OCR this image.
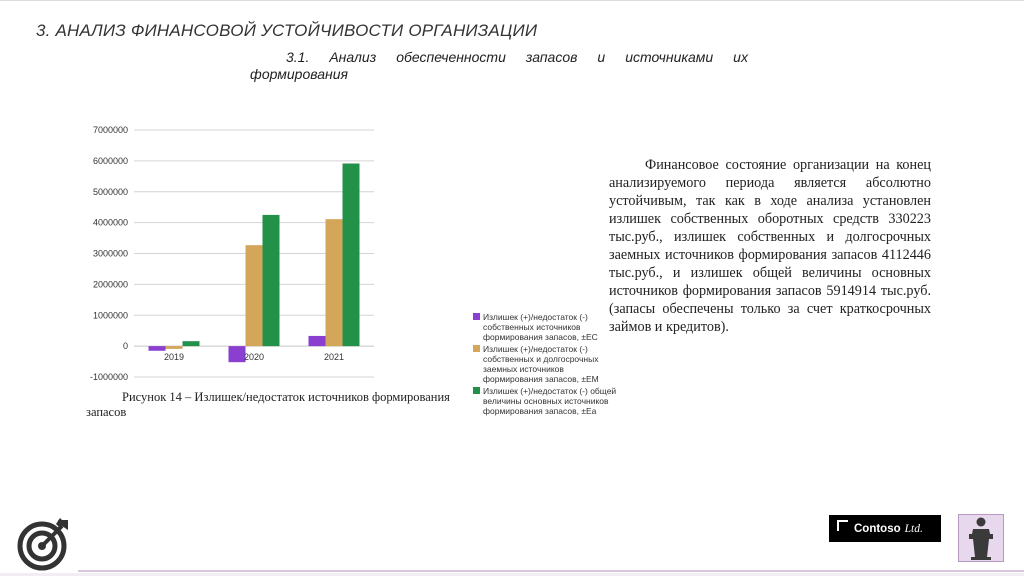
3. АНАЛИЗ ФИНАНСОВОЙ УСТОЙЧИВОСТИ ОРГАНИЗАЦИИ
3.1. Анализ обеспеченности запасов и источниками их
формирования
7000000
6000000
5000000
4000000
3000000
2000000
1000000
0
-1000000
2019	2020	2021
Излишек (+)/недостаток (-) собственных источников формирования запасов, ±ЕС
Излишек (+)/недостаток (-) собственных и долгосрочных заемных источников формирования запасов, ±ЕМ
Излишек (+)/недостаток (-) общей величины основных источников формирования запасов, ±Еа
Рисунок 14 – Излишек/недостаток источников формирования
запасов
Финансовое состояние организации на конец анализируемого периода является абсолютно устойчивым, так как в ходе анализа установлен излишек собственных оборотных средств 330223 тыс.руб., излишек собственных и долгосрочных заемных источников формирования запасов 4112446 тыс.руб., и излишек общей величины основных источников формирования запасов 5914914 тыс.руб. (запасы обеспечены только за счет краткосрочных займов и кредитов).
Contoso Ltd.
